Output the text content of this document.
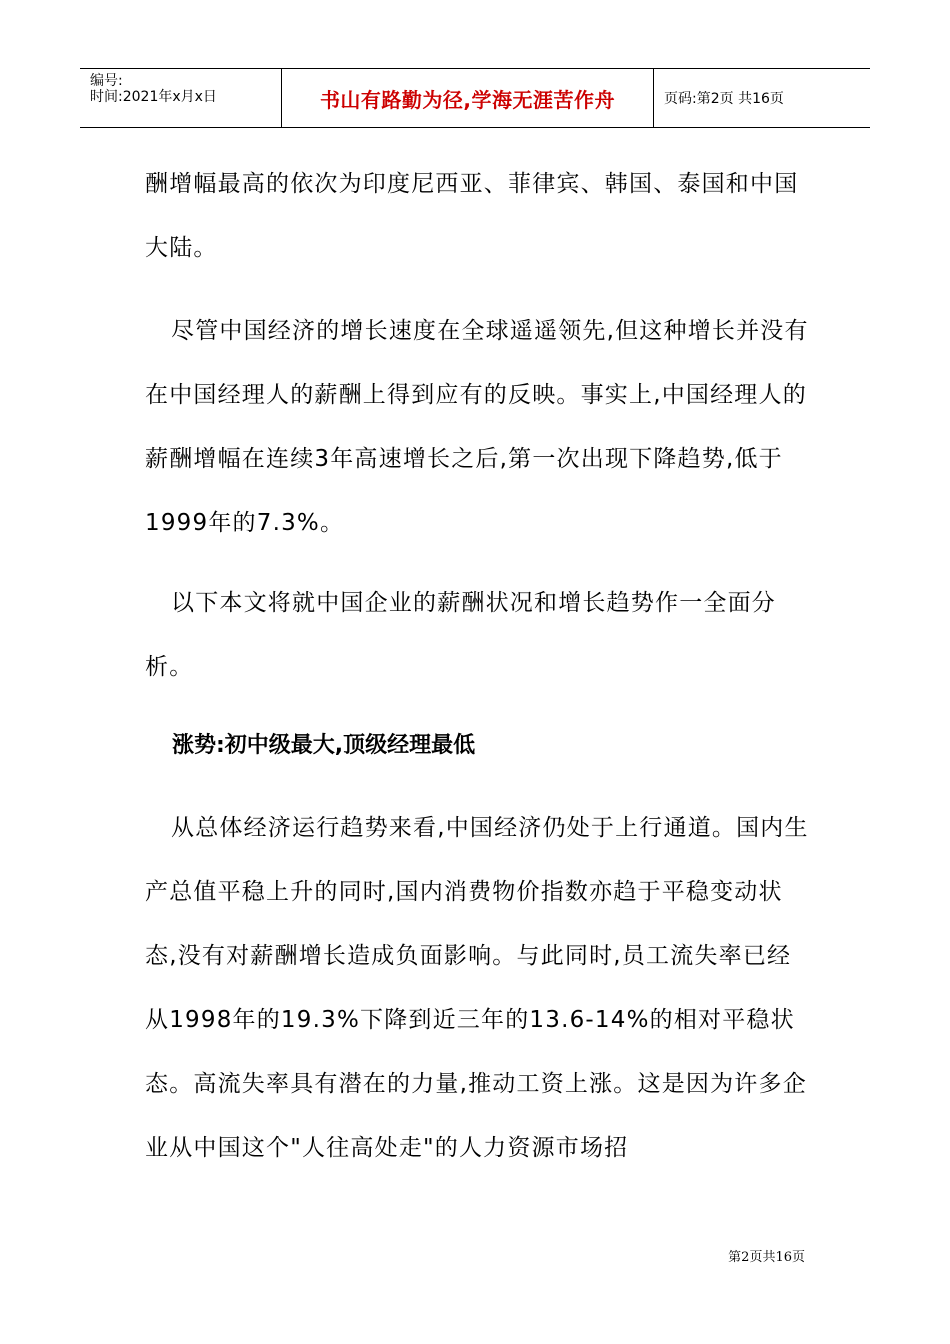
编号:
时间:2021年x月x日	书山有路勤为径,学海无涯苦作舟	页码:第2页 共16页

酬增幅最高的依次为印度尼西亚、菲律宾、韩国、泰国和中国大陆。

尽管中国经济的增长速度在全球遥遥领先,但这种增长并没有在中国经理人的薪酬上得到应有的反映。事实上,中国经理人的薪酬增幅在连续3年高速增长之后,第一次出现下降趋势,低于1999年的7.3%。

以下本文将就中国企业的薪酬状况和增长趋势作一全面分析。

涨势:初中级最大,顶级经理最低

从总体经济运行趋势来看,中国经济仍处于上行通道。国内生产总值平稳上升的同时,国内消费物价指数亦趋于平稳变动状态,没有对薪酬增长造成负面影响。与此同时,员工流失率已经从1998年的19.3%下降到近三年的13.6-14%的相对平稳状态。高流失率具有潜在的力量,推动工资上涨。这是因为许多企业从中国这个"人往高处走"的人力资源市场招

第2页共16页
